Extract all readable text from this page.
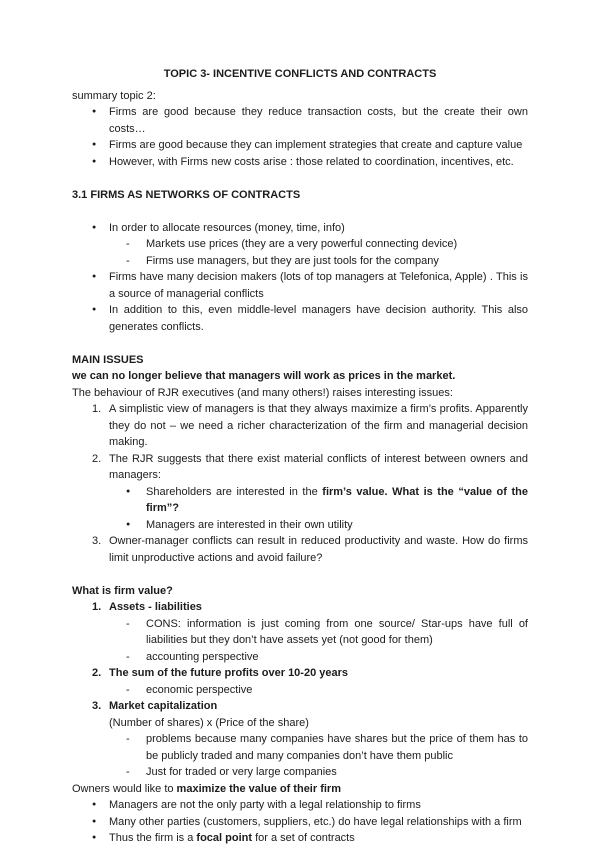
TOPIC 3- INCENTIVE CONFLICTS AND CONTRACTS
summary topic 2:
● Firms are good because they reduce transaction costs, but the create their own costs…
● Firms are good because they can implement strategies that create and capture value
● However, with Firms new costs arise : those related to coordination, incentives, etc.
3.1 FIRMS AS NETWORKS OF CONTRACTS
● In order to allocate resources (money, time, info)
- Markets use prices (they are a very powerful connecting device)
- Firms use managers, but they are just tools for the company
● Firms have many decision makers (lots of top managers at Telefonica, Apple) . This is a source of managerial conflicts
● In addition to this, even middle-level managers have decision authority. This also generates conflicts.
MAIN ISSUES
we can no longer believe that managers will work as prices in the market.
The behaviour of RJR executives (and many others!) raises interesting issues:
1. A simplistic view of managers is that they always maximize a firm’s profits. Apparently they do not – we need a richer characterization of the firm and managerial decision making.
2. The RJR suggests that there exist material conflicts of interest between owners and managers:
● Shareholders are interested in the firm’s value. What is the “value of the firm”?
● Managers are interested in their own utility
3. Owner-manager conflicts can result in reduced productivity and waste. How do firms limit unproductive actions and avoid failure?
What is firm value?
1. Assets - liabilities
- CONS: information is just coming from one source/ Star-ups have full of liabilities but they don’t have assets yet (not good for them)
- accounting perspective
2. The sum of the future profits over 10-20 years
- economic perspective
3. Market capitalization
(Number of shares) x (Price of the share)
- problems because many companies have shares but the price of them has to be publicly traded and many companies don’t have them public
- Just for traded or very large companies
Owners would like to maximize the value of their firm
● Managers are not the only party with a legal relationship to firms
● Many other parties (customers, suppliers, etc.) do have legal relationships with a firm
● Thus the firm is a focal point for a set of contracts
